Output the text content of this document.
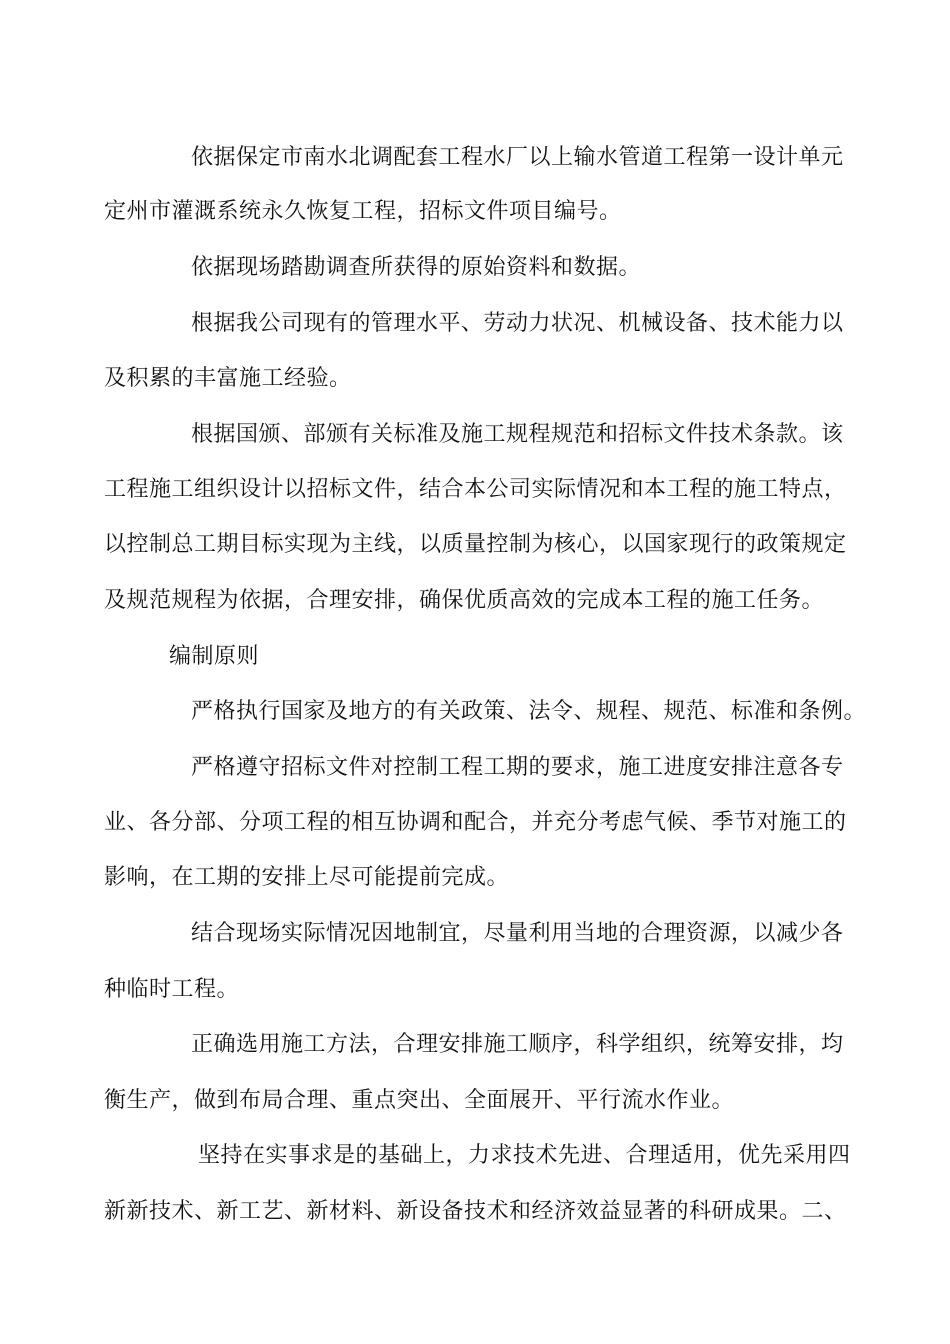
依据保定市南水北调配套工程水厂以上输水管道工程第一设计单元
定州市灌溉系统永久恢复工程，招标文件项目编号。
依据现场踏勘调查所获得的原始资料和数据。
根据我公司现有的管理水平、劳动力状况、机械设备、技术能力以
及积累的丰富施工经验。
根据国颁、部颁有关标准及施工规程规范和招标文件技术条款。该
工程施工组织设计以招标文件，结合本公司实际情况和本工程的施工特点，
以控制总工期目标实现为主线，以质量控制为核心，以国家现行的政策规定
及规范规程为依据，合理安排，确保优质高效的完成本工程的施工任务。
编制原则
严格执行国家及地方的有关政策、法令、规程、规范、标准和条例。
严格遵守招标文件对控制工程工期的要求，施工进度安排注意各专
业、各分部、分项工程的相互协调和配合，并充分考虑气候、季节对施工的
影响，在工期的安排上尽可能提前完成。
结合现场实际情况因地制宜，尽量利用当地的合理资源，以减少各
种临时工程。
正确选用施工方法，合理安排施工顺序，科学组织，统筹安排，均
衡生产，做到布局合理、重点突出、全面展开、平行流水作业。
坚持在实事求是的基础上，力求技术先进、合理适用，优先采用四
新新技术、新工艺、新材料、新设备技术和经济效益显著的科研成果。二、
